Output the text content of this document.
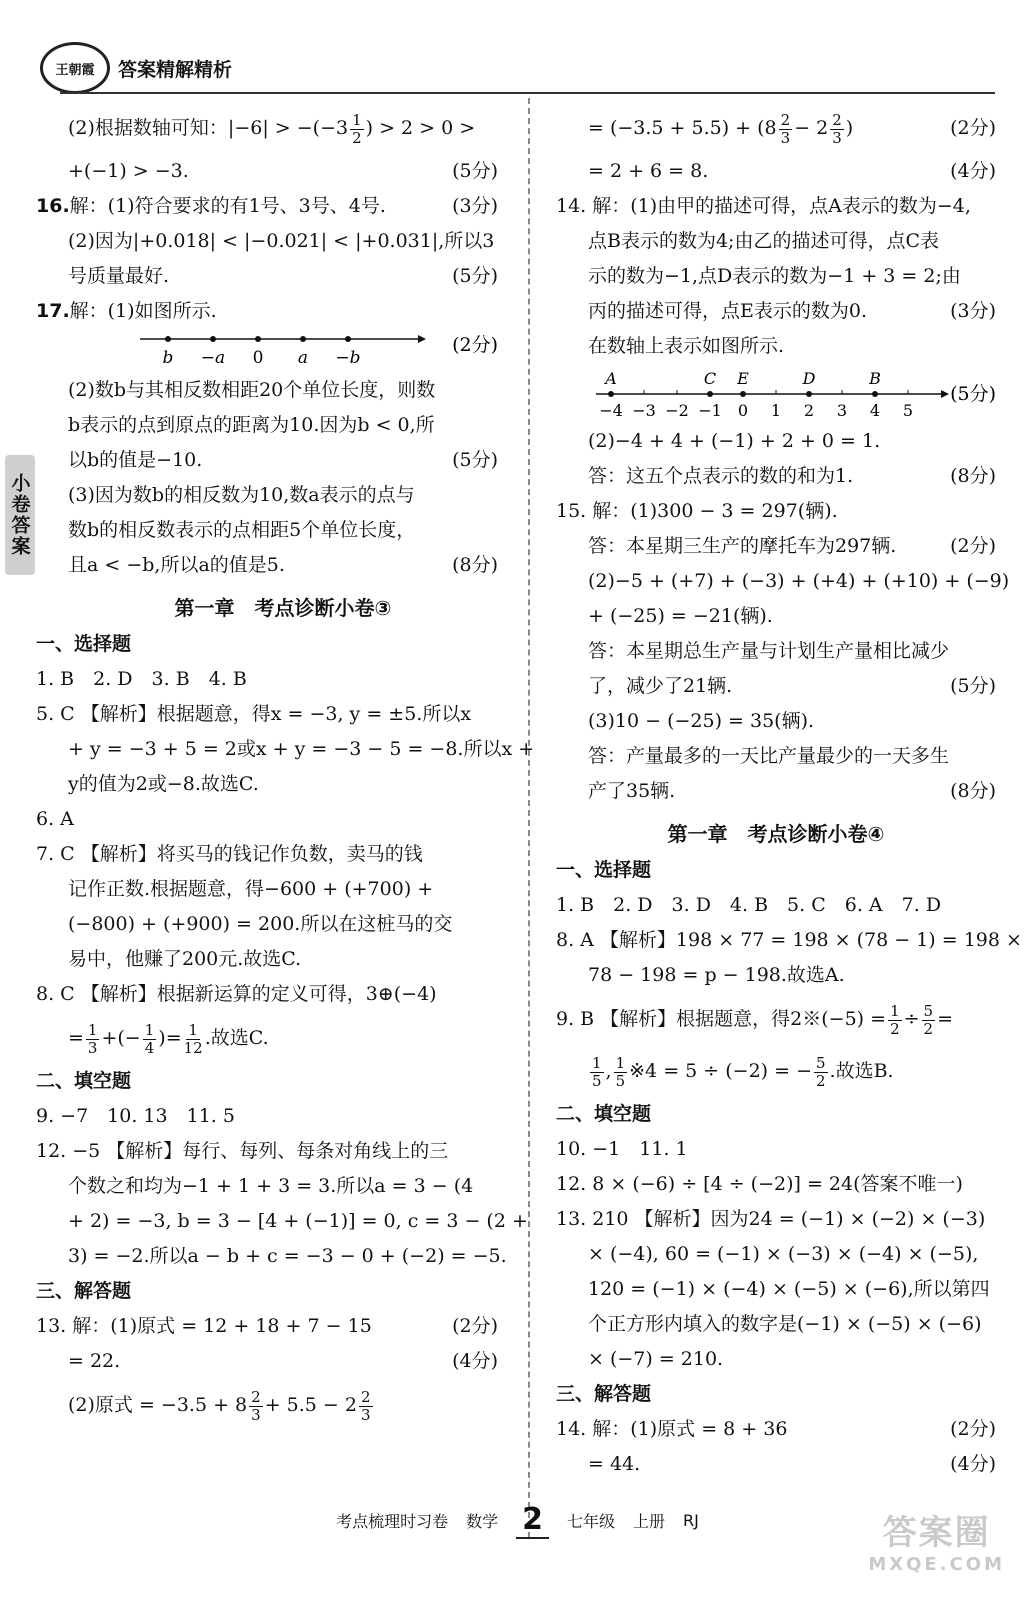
王朝霞 答案精解精析
小卷答案
(2)根据数轴可知：$|-6| > -(-3 \frac{1}{2}$ ) > 2 > 0 >
+(−1) > −3.	(5分)
16.解：(1)符合要求的有1号、3号、4号.	(3分)
(2)因为|+0.018| < |−0.021| < |+0.031|,所以3
号质量最好.	(5分)
17.解：(1)如图所示.
b −a 0 a −b
(2分)
(2)数b与其相反数相距20个单位长度，则数
b表示的点到原点的距离为10.因为b < 0,所
以b的值是−10.	(5分)
(3)因为数b的相反数为10,数a表示的点与
数b的相反数表示的点相距5个单位长度，
且a < −b,所以a的值是5.	(8分)
第一章　考点诊断小卷③
一、选择题
1. B　2. D　3. B　4. B
5. C 【解析】根据题意，得x = −3, y = ±5.所以x
+ y = −3 + 5 = 2或x + y = −3 − 5 = −8.所以x +
y的值为2或−8.故选C.
6. A
7. C 【解析】将买马的钱记作负数，卖马的钱
记作正数.根据题意，得−600 + (+700) +
(−800) + (+900) = 200.所以在这桩马的交
易中，他赚了200元.故选C.
8. C 【解析】根据新运算的定义可得，3⊕(−4)
= $\frac{1}{3}$ +(− $\frac{1}{4}$ )= $\frac{1}{12}$ .故选C.
二、填空题
9. −7　10. 13　11. 5
12. −5 【解析】每行、每列、每条对角线上的三
个数之和均为−1 + 1 + 3 = 3.所以a = 3 − (4
+ 2) = −3, b = 3 − [4 + (−1)] = 0, c = 3 − (2 +
3) = −2.所以a − b + c = −3 − 0 + (−2) = −5.
三、解答题
13. 解：(1)原式 = 12 + 18 + 7 − 15	(2分)
= 22.	(4分)
(2)原式 = $-3.5 + 8 \frac{2}{3} + 5.5 - 2 \frac{2}{3}$
= $(-3.5 + 5.5) + (8 \frac{2}{3} - 2 \frac{2}{3}$ )	(2分)
= 2 + 6 = 8.	(4分)
14. 解：(1)由甲的描述可得，点A表示的数为−4,
点B表示的数为4;由乙的描述可得，点C表
示的数为−1,点D表示的数为−1 + 3 = 2;由
丙的描述可得，点E表示的数为0.	(3分)
在数轴上表示如图所示.
A	C E	D	B
−4 −3 −2 −1 0 1 2 3 4 5
(5分)
(2)−4 + 4 + (−1) + 2 + 0 = 1.
答：这五个点表示的数的和为1.	(8分)
15. 解：(1)300 − 3 = 297(辆).
答：本星期三生产的摩托车为297辆.	(2分)
(2)−5 + (+7) + (−3) + (+4) + (+10) + (−9)
+ (−25) = −21(辆).
答：本星期总生产量与计划生产量相比减少
了，减少了21辆.	(5分)
(3)10 − (−25) = 35(辆).
答：产量最多的一天比产量最少的一天多生
产了35辆.	(8分)
第一章　考点诊断小卷④
一、选择题
1. B　2. D　3. D　4. B　5. C　6. A　7. D
8. A 【解析】198 × 77 = 198 × (78 − 1) = 198 ×
78 − 198 = p − 198.故选A.
9. B 【解析】根据题意，得2※(−5) = $\frac{1}{2} \div \frac{5}{2}$ =
$\frac{1}{5}$ , $\frac{1}{5}$ ※4 = 5 ÷ (−2) = − $\frac{5}{2}$ .故选B.
二、填空题
10. −1　11. 1
12. 8 × (−6) ÷ [4 ÷ (−2)] = 24(答案不唯一)
13. 210 【解析】因为24 = (−1) × (−2) × (−3)
× (−4), 60 = (−1) × (−3) × (−4) × (−5),
120 = (−1) × (−4) × (−5) × (−6),所以第四
个正方形内填入的数字是(−1) × (−5) × (−6)
× (−7) = 210.
三、解答题
14. 解：(1)原式 = 8 + 36	(2分)
= 44.	(4分)
考点梳理时习卷 数学 2	七年级 上册 RJ	答案圈
MXQE.COM
